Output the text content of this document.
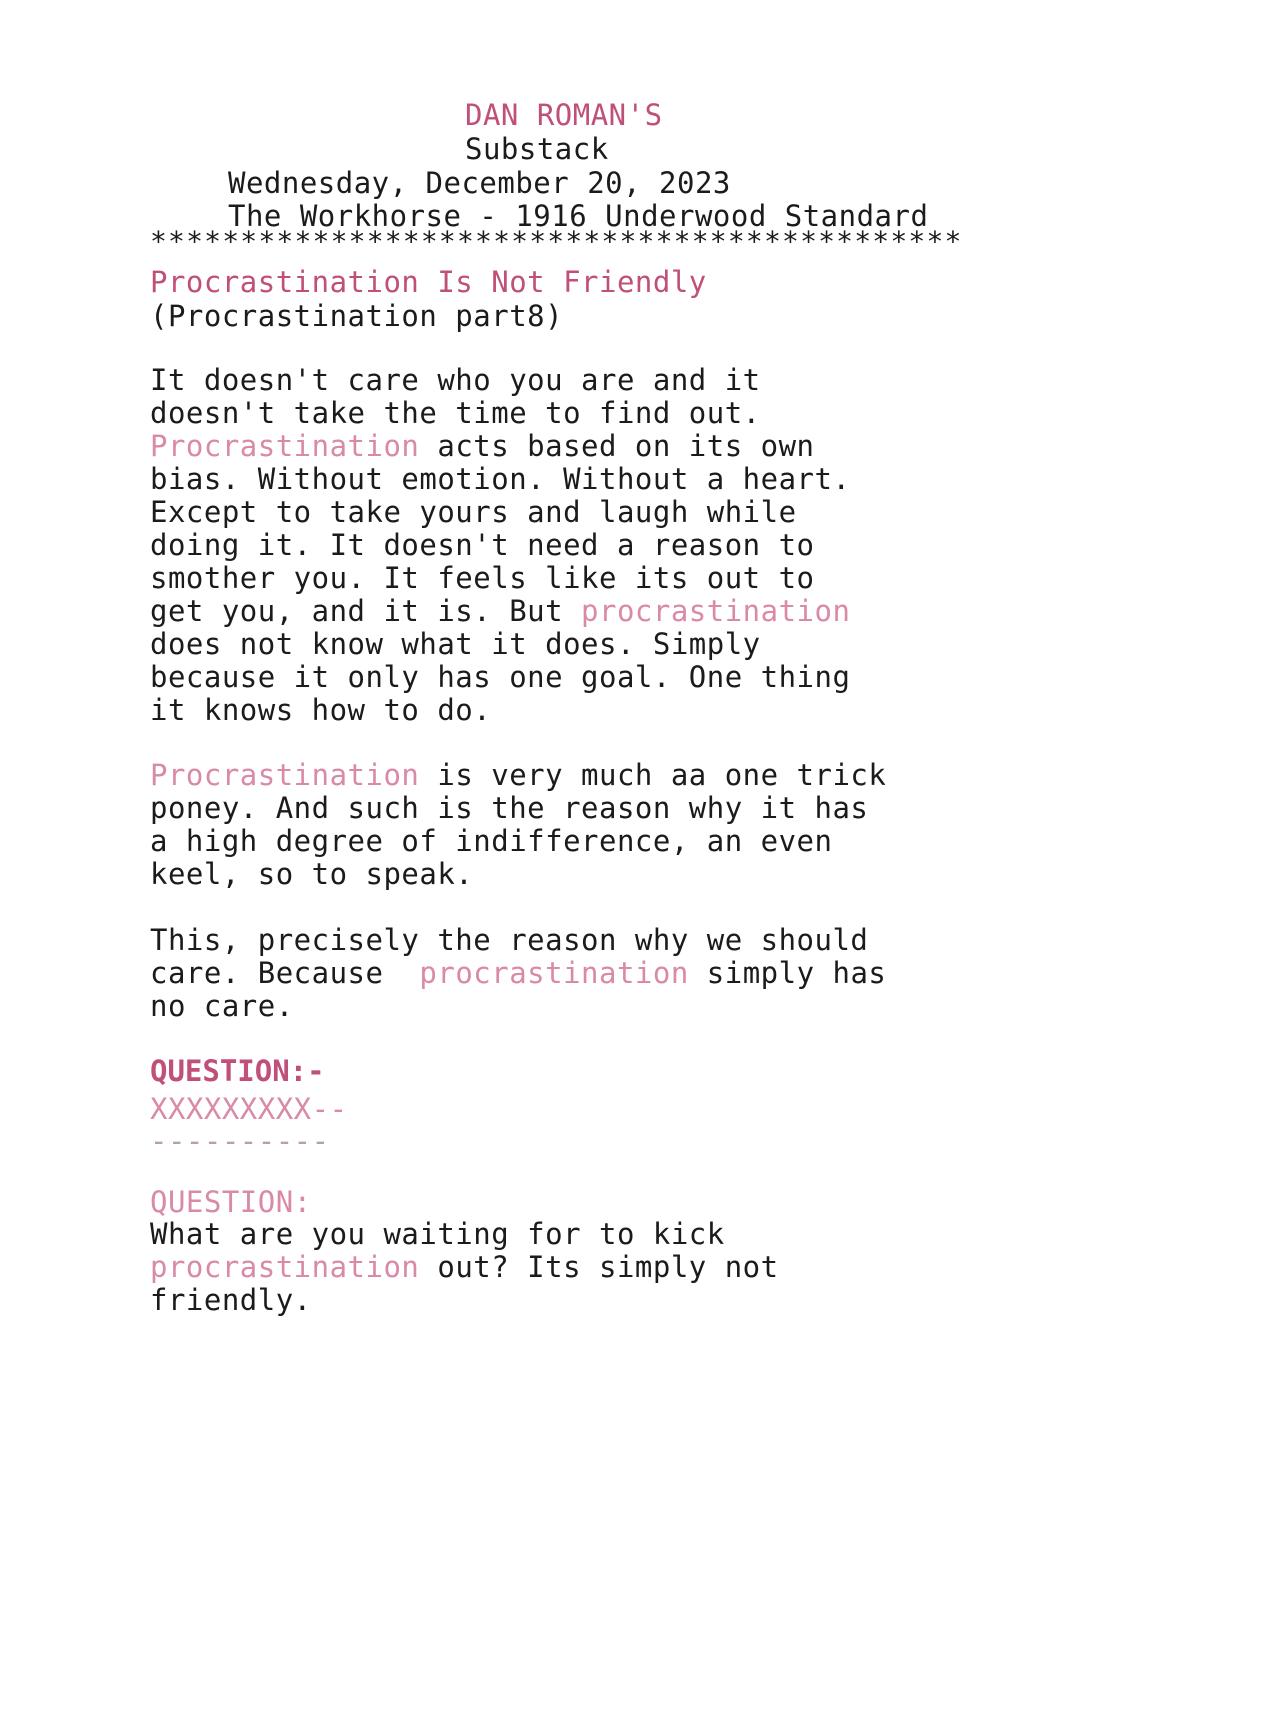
DAN ROMAN'S
Substack
Wednesday, December 20, 2023
The Workhorse - 1916 Underwood Standard
*********************************************
Procrastination Is Not Friendly
(Procrastination part8)
It doesn't care who you are and it
doesn't take the time to find out.
Procrastination acts based on its own
bias. Without emotion. Without a heart.
Except to take yours and laugh while
doing it. It doesn't need a reason to
smother you. It feels like its out to
get you, and it is. But procrastination
does not know what it does. Simply
because it only has one goal. One thing
it knows how to do.
Procrastination is very much aa one trick
poney. And such is the reason why it has
a high degree of indifference, an even
keel, so to speak.
This, precisely the reason why we should
care. Because  procrastination simply has
no care.
QUESTION:-
XXXXXXXXX--
----------
QUESTION:
What are you waiting for to kick
procrastination out? Its simply not
friendly.
